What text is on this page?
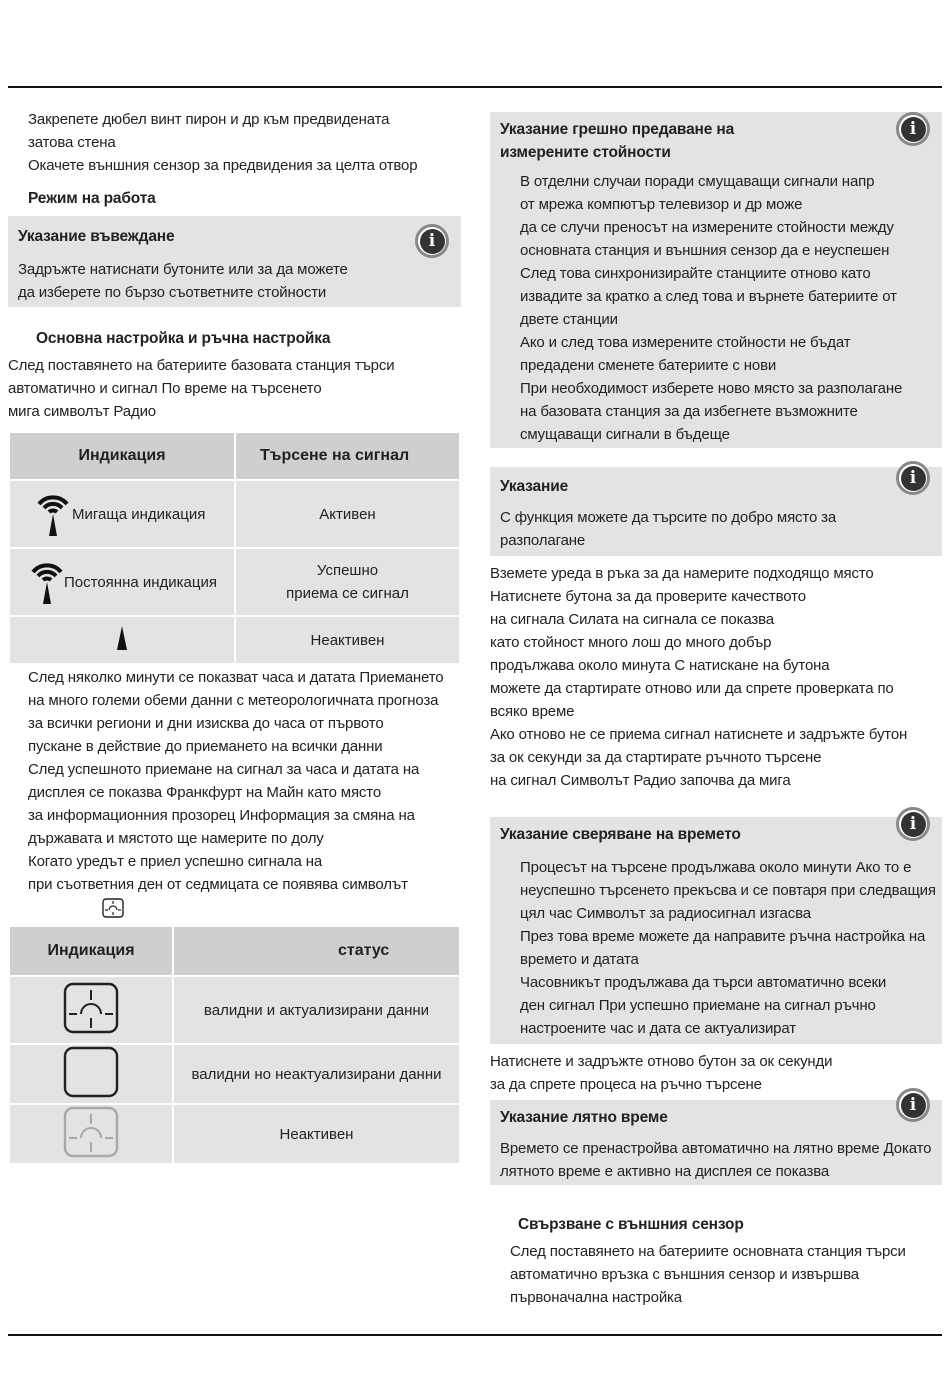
Закрепете дюбел винт пирон и др към предвидената
затова стена
Окачете външния сензор за предвидения за целта отвор
Режим на работа
i
Указание въвеждане
Задръжте натиснати бутоните или за да можете
да изберете по бързо съответните стойности
Основна настройка и ръчна настройка
След поставянето на батериите базовата станция търси
автоматично и сигнал По време на търсенето
мига символът Радио
Индикация	Търсене на сигнал

Мигаща индикация	Активен

Постоянна индикация	Успешно
приема се сигнал

	Неактивен
След няколко минути се показват часа и датата Приемането
на много големи обеми данни с метеорологичната прогноза
за всички региони и дни изисква до часа от първото
пускане в действие до приемането на всички данни
След успешното приемане на сигнал за часа и датата на
дисплея се показва Франкфурт на Майн като място
за информационния прозорец Информация за смяна на
държавата и мястото ще намерите по долу
Когато уредът е приел успешно сигнала на
при съответния ден от седмицата се появява символът
Индикация	статус
	валидни и актуализирани данни
	валидни но неактуализирани данни
	Неактивен
i
Указание грешно предаване на
измерените стойности
В отделни случаи поради смущаващи сигнали напр
от мрежа компютър телевизор и др може
да се случи преносът на измерените стойности между
основната станция и външния сензор да е неуспешен
След това синхронизирайте станциите отново като
извадите за кратко а след това и върнете батериите от
двете станции
Ако и след това измерените стойности не бъдат
предадени сменете батериите с нови
При необходимост изберете ново място за разполагане
на базовата станция за да избегнете възможните
смущаващи сигнали в бъдеще
i
Указание
С функция можете да търсите по добро място за
разполагане
Вземете уреда в ръка за да намерите подходящо място
Натиснете бутона за да проверите качеството
на сигнала Силата на сигнала се показва
като стойност много лош до много добър
продължава около минута С натискане на бутона
можете да стартирате отново или да спрете проверката по
всяко време
Ако отново не се приема сигнал натиснете и задръжте бутон
за ок секунди за да стартирате ръчното търсене
на сигнал Символът Радио започва да мига
i
Указание сверяване на времето
Процесът на търсене продължава около минути Ако то е
неуспешно търсенето прекъсва и се повтаря при следващия
цял час Символът за радиосигнал изгасва
През това време можете да направите ръчна настройка на
времето и датата
Часовникът продължава да търси автоматично всеки
ден сигнал При успешно приемане на сигнал ръчно
настроените час и дата се актуализират
Натиснете и задръжте отново бутон за ок секунди
за да спрете процеса на ръчно търсене
i
Указание лятно време
Времето се пренастройва автоматично на лятно време Докато
лятното време е активно на дисплея се показва
Свързване с външния сензор
След поставянето на батериите основната станция търси
автоматично връзка с външния сензор и извършва
първоначална настройка
